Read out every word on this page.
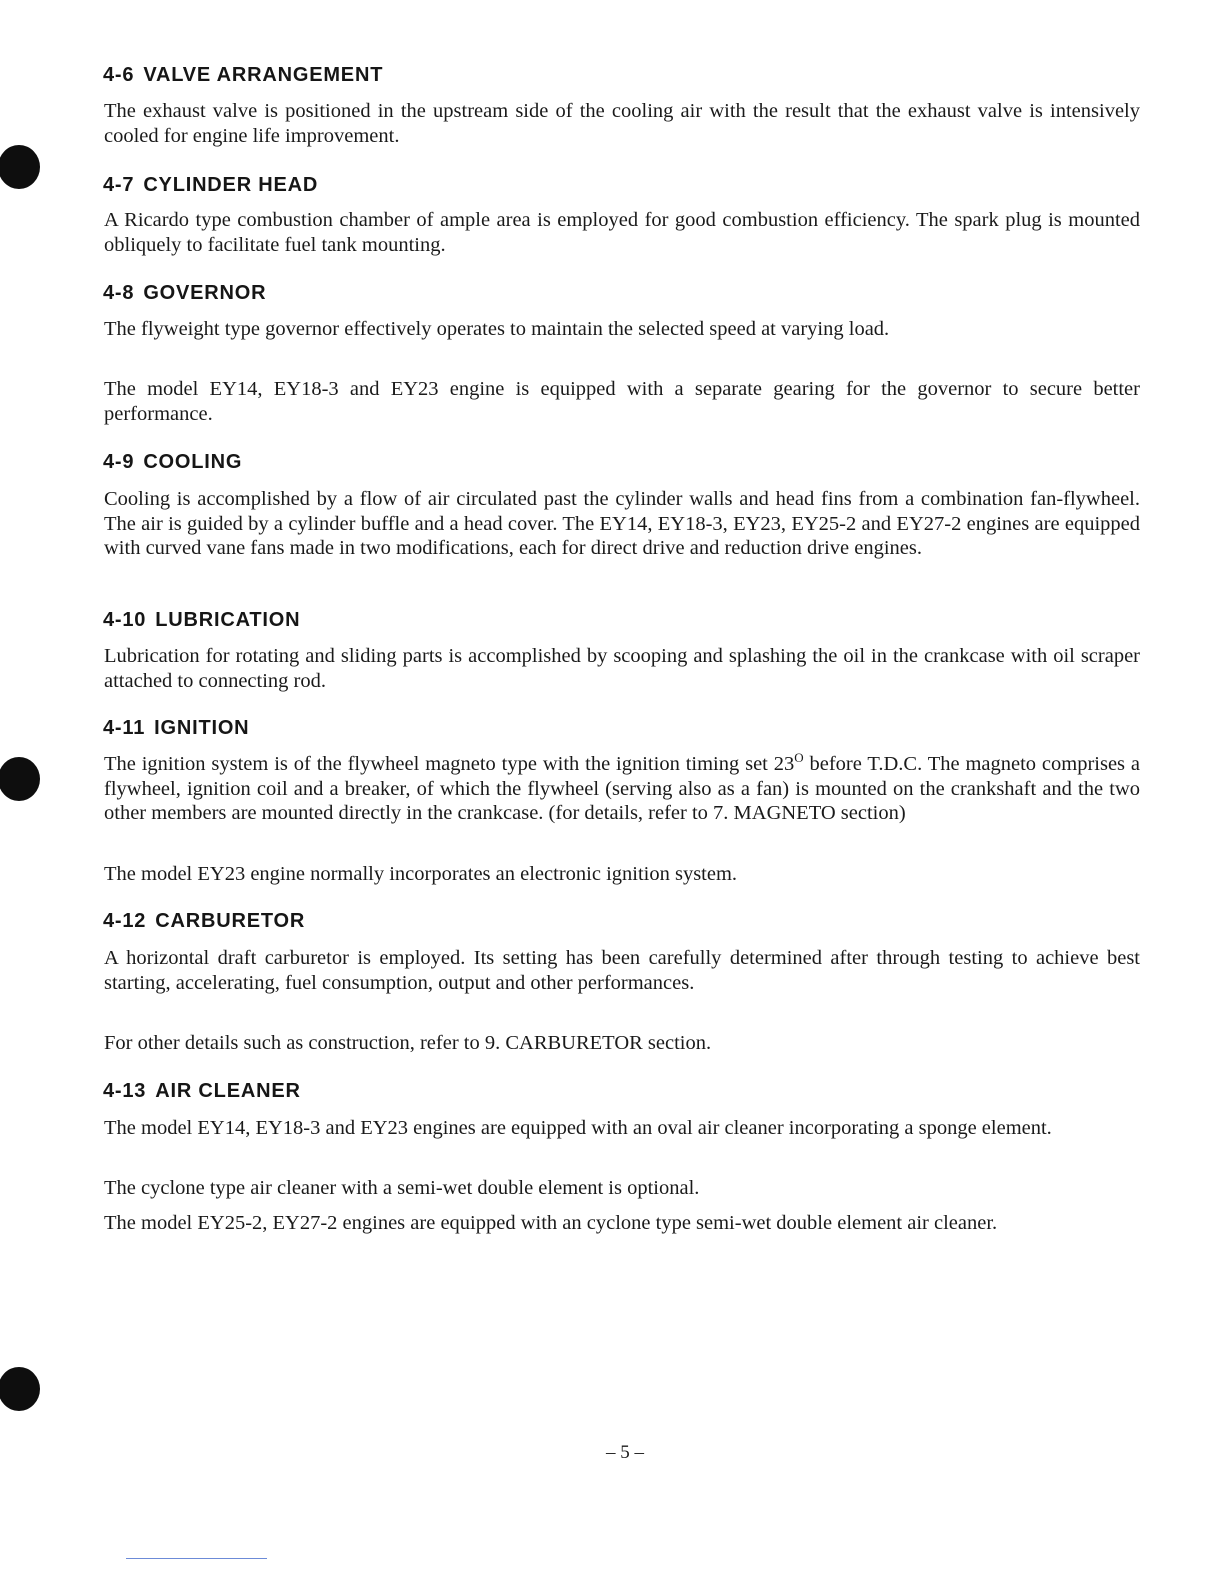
4-6 VALVE ARRANGEMENT

The exhaust valve is positioned in the upstream side of the cooling air with the result that the exhaust valve is intensively cooled for engine life improvement.

4-7 CYLINDER HEAD

A Ricardo type combustion chamber of ample area is employed for good combustion efficiency. The spark plug is mounted obliquely to facilitate fuel tank mounting.

4-8 GOVERNOR

The flyweight type governor effectively operates to maintain the selected speed at varying load.

The model EY14, EY18-3 and EY23 engine is equipped with a separate gearing for the governor to secure better performance.

4-9 COOLING

Cooling is accomplished by a flow of air circulated past the cylinder walls and head fins from a combination fan-flywheel. The air is guided by a cylinder buffle and a head cover. The EY14, EY18-3, EY23, EY25-2 and EY27-2 engines are equipped with curved vane fans made in two modifications, each for direct drive and reduction drive engines.

4-10 LUBRICATION

Lubrication for rotating and sliding parts is accomplished by scooping and splashing the oil in the crankcase with oil scraper attached to connecting rod.

4-11 IGNITION

The ignition system is of the flywheel magneto type with the ignition timing set $23^O$ before T.D.C. The magneto comprises a flywheel, ignition coil and a breaker, of which the flywheel (serving also as a fan) is mounted on the crankshaft and the two other members are mounted directly in the crankcase. (for details, refer to 7. MAGNETO section)

The model EY23 engine normally incorporates an electronic ignition system.

4-12 CARBURETOR

A horizontal draft carburetor is employed. Its setting has been carefully determined after through testing to achieve best starting, accelerating, fuel consumption, output and other performances.

For other details such as construction, refer to 9. CARBURETOR section.

4-13 AIR CLEANER

The model EY14, EY18-3 and EY23 engines are equipped with an oval air cleaner incorporating a sponge element.

The cyclone type air cleaner with a semi-wet double element is optional.

The model EY25-2, EY27-2 engines are equipped with an cyclone type semi-wet double element air cleaner.

– 5 –
